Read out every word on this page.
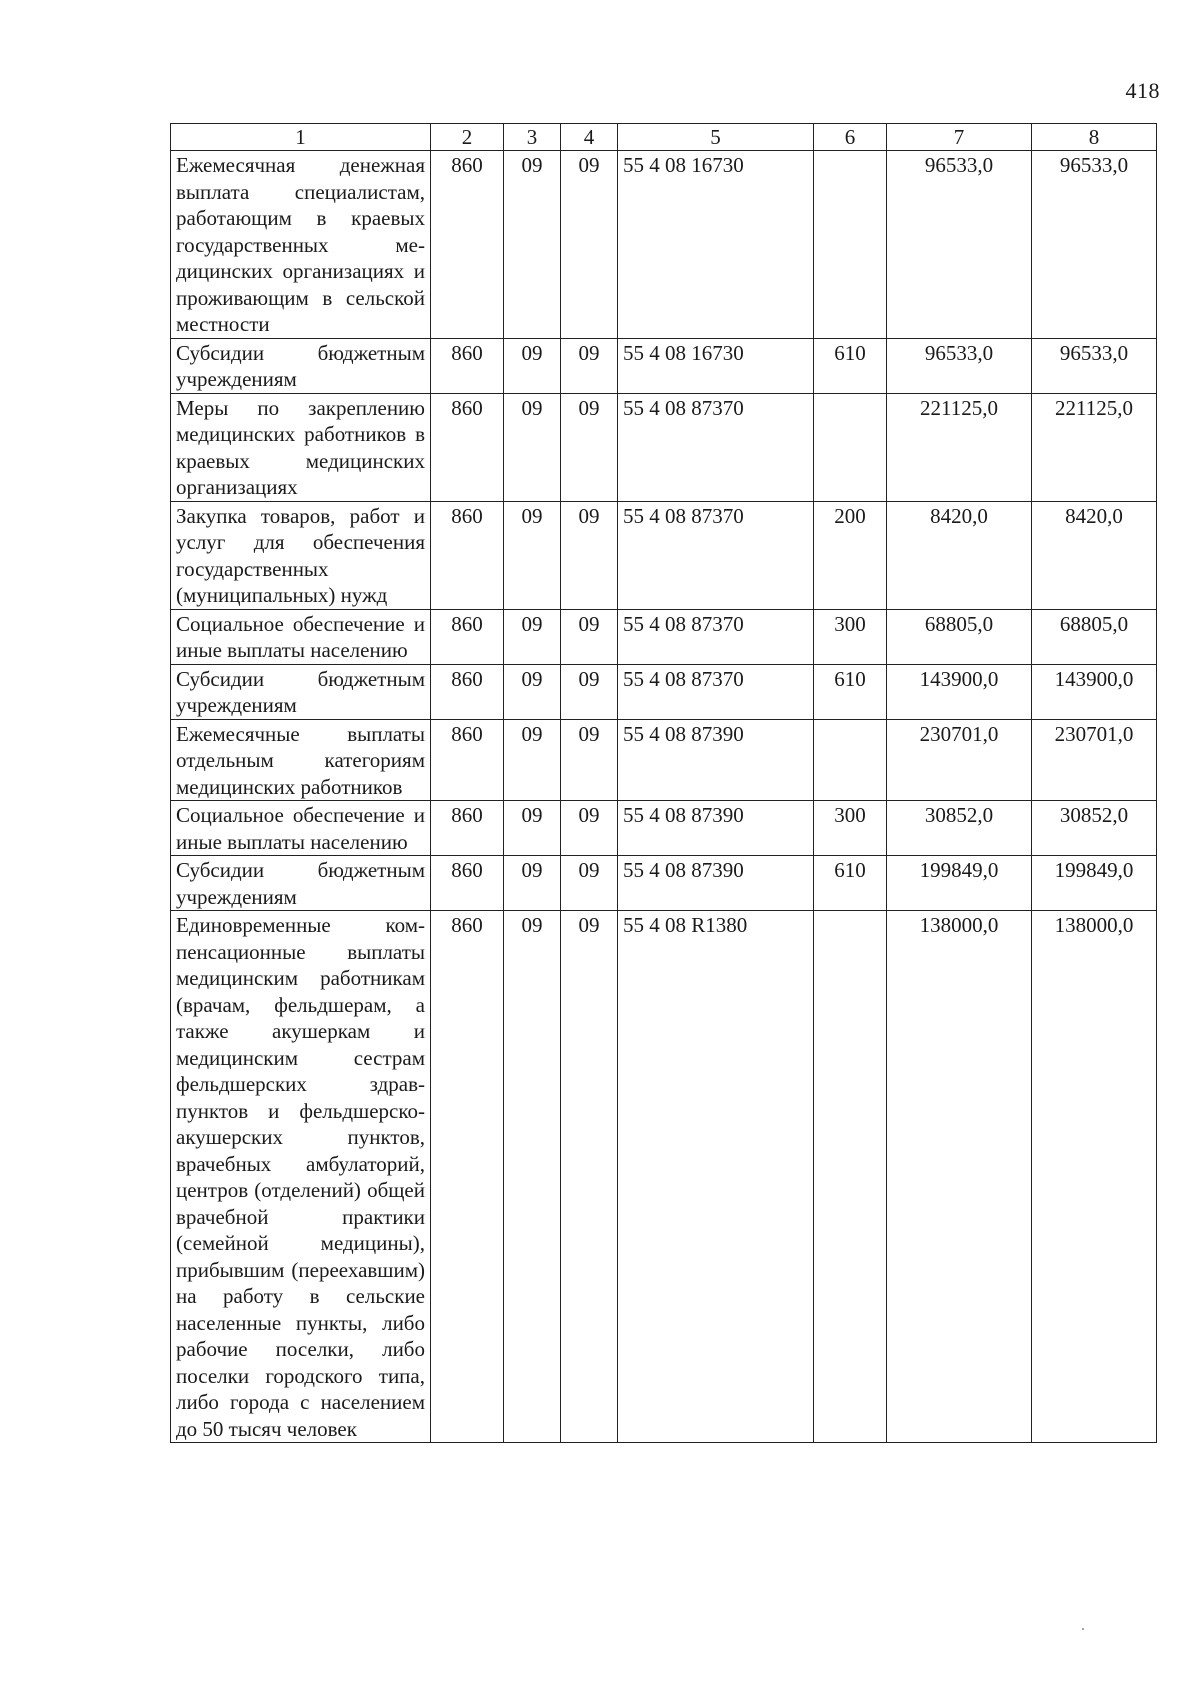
418
1	2	3	4	5	6	7	8
Ежемесячная денежная выплата специалистам, работающим в краевых государственных медицинских организациях и проживающим в сельской местности	860	09	09	55 4 08 16730		96533,0	96533,0
Субсидии бюджетным учреждениям	860	09	09	55 4 08 16730	610	96533,0	96533,0
Меры по закреплению медицинских работников в краевых медицинских организациях	860	09	09	55 4 08 87370		221125,0	221125,0
Закупка товаров, работ и услуг для обеспечения государственных (муниципальных) нужд	860	09	09	55 4 08 87370	200	8420,0	8420,0
Социальное обеспечение и иные выплаты населению	860	09	09	55 4 08 87370	300	68805,0	68805,0
Субсидии бюджетным учреждениям	860	09	09	55 4 08 87370	610	143900,0	143900,0
Ежемесячные выплаты отдельным категориям медицинских работников	860	09	09	55 4 08 87390		230701,0	230701,0
Социальное обеспечение и иные выплаты населению	860	09	09	55 4 08 87390	300	30852,0	30852,0
Субсидии бюджетным учреждениям	860	09	09	55 4 08 87390	610	199849,0	199849,0
Единовременные компенсационные выплаты медицинским работникам (врачам, фельдшерам, а также акушеркам и медицинским сестрам фельдшерских здрав-пунктов и фельдшерско-акушерских пунктов, врачебных амбулаторий, центров (отделений) общей врачебной практики (семейной медицины), прибывшим (переехавшим) на работу в сельские населенные пункты, либо рабочие поселки, либо поселки городского типа, либо города с населением до 50 тысяч человек	860	09	09	55 4 08 R1380		138000,0	138000,0
